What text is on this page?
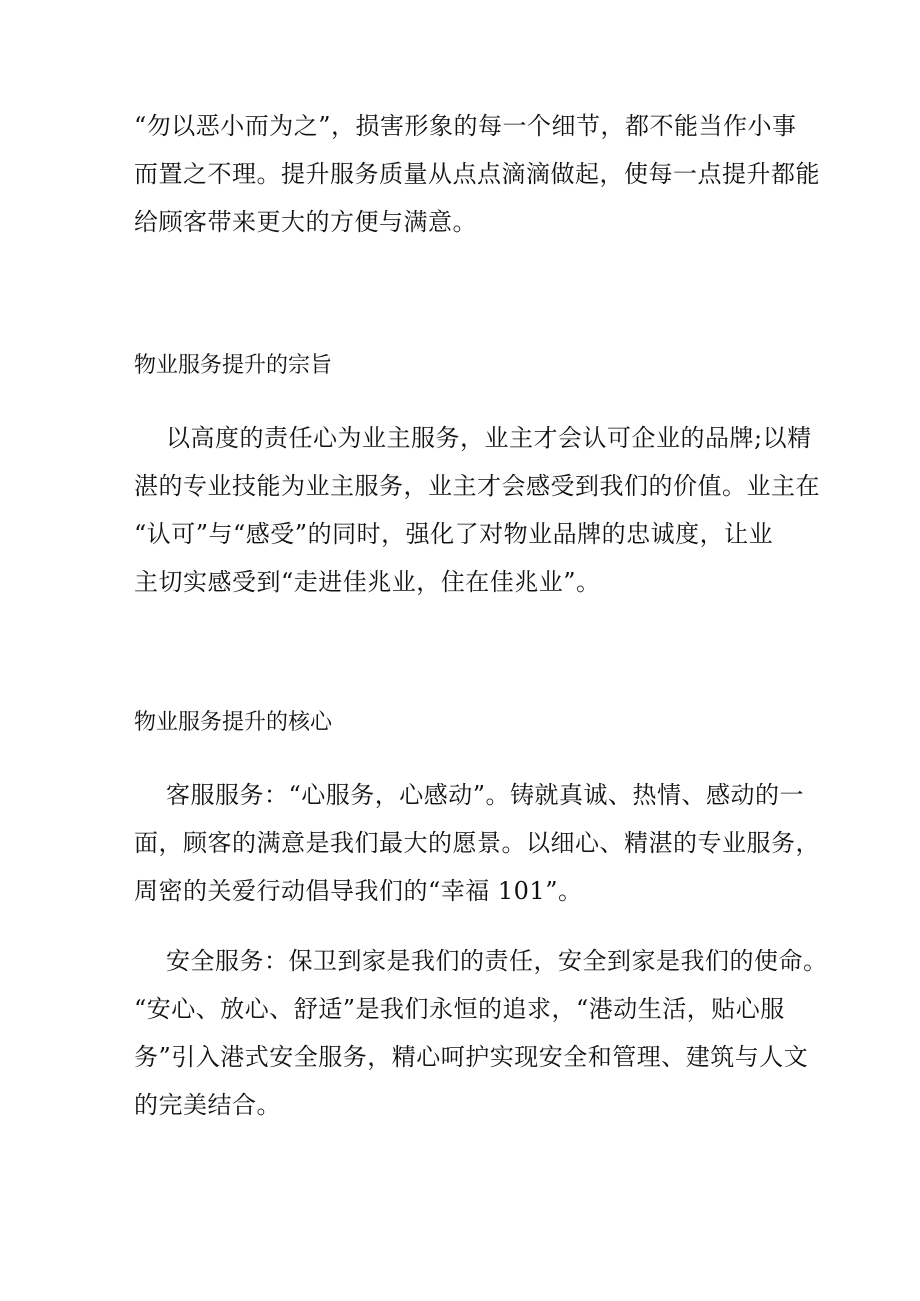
“勿以恶小而为之”，损害形象的每一个细节，都不能当作小事
而置之不理。提升服务质量从点点滴滴做起，使每一点提升都能
给顾客带来更大的方便与满意。
物业服务提升的宗旨
以高度的责任心为业主服务，业主才会认可企业的品牌;以精
湛的专业技能为业主服务，业主才会感受到我们的价值。业主在
“认可”与“感受”的同时，强化了对物业品牌的忠诚度，让业
主切实感受到“走进佳兆业，住在佳兆业”。
物业服务提升的核心
客服服务：“心服务，心感动”。铸就真诚、热情、感动的一
面，顾客的满意是我们最大的愿景。以细心、精湛的专业服务，
周密的关爱行动倡导我们的“幸福 101”。
安全服务：保卫到家是我们的责任，安全到家是我们的使命。
“安心、放心、舒适”是我们永恒的追求，“港动生活，贴心服
务”引入港式安全服务，精心呵护实现安全和管理、建筑与人文
的完美结合。
